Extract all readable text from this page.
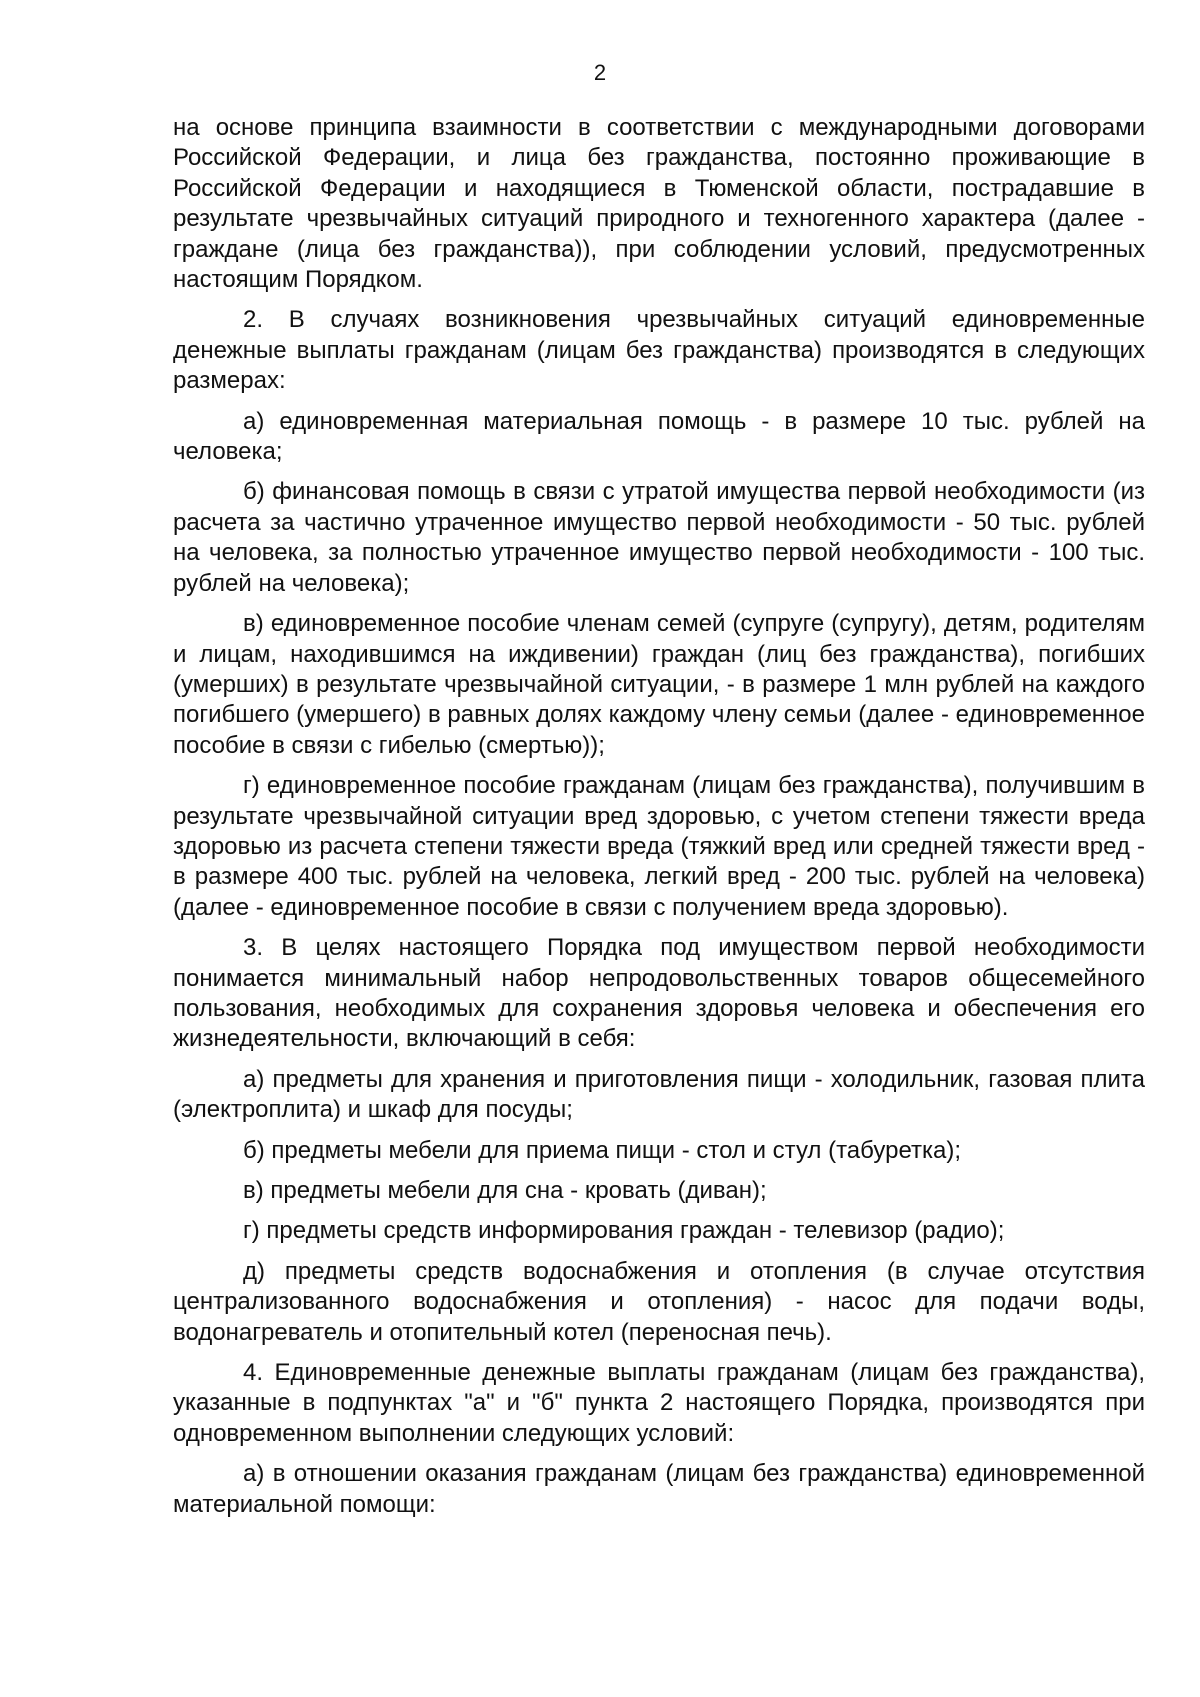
2

на основе принципа взаимности в соответствии с международными договорами Российской Федерации, и лица без гражданства, постоянно проживающие в Российской Федерации и находящиеся в Тюменской области, пострадавшие в результате чрезвычайных ситуаций природного и техногенного характера (далее - граждане (лица без гражданства)), при соблюдении условий, предусмотренных настоящим Порядком.

2. В случаях возникновения чрезвычайных ситуаций единовременные денежные выплаты гражданам (лицам без гражданства) производятся в следующих размерах:

а) единовременная материальная помощь - в размере 10 тыс. рублей на человека;

б) финансовая помощь в связи с утратой имущества первой необходимости (из расчета за частично утраченное имущество первой необходимости - 50 тыс. рублей на человека, за полностью утраченное имущество первой необходимости - 100 тыс. рублей на человека);

в) единовременное пособие членам семей (супруге (супругу), детям, родителям и лицам, находившимся на иждивении) граждан (лиц без гражданства), погибших (умерших) в результате чрезвычайной ситуации, - в размере 1 млн рублей на каждого погибшего (умершего) в равных долях каждому члену семьи (далее - единовременное пособие в связи с гибелью (смертью));

г) единовременное пособие гражданам (лицам без гражданства), получившим в результате чрезвычайной ситуации вред здоровью, с учетом степени тяжести вреда здоровью из расчета степени тяжести вреда (тяжкий вред или средней тяжести вред - в размере 400 тыс. рублей на человека, легкий вред - 200 тыс. рублей на человека) (далее - единовременное пособие в связи с получением вреда здоровью).

3. В целях настоящего Порядка под имуществом первой необходимости понимается минимальный набор непродовольственных товаров общесемейного пользования, необходимых для сохранения здоровья человека и обеспечения его жизнедеятельности, включающий в себя:

а) предметы для хранения и приготовления пищи - холодильник, газовая плита (электроплита) и шкаф для посуды;

б) предметы мебели для приема пищи - стол и стул (табуретка);

в) предметы мебели для сна - кровать (диван);

г) предметы средств информирования граждан - телевизор (радио);

д) предметы средств водоснабжения и отопления (в случае отсутствия централизованного водоснабжения и отопления) - насос для подачи воды, водонагреватель и отопительный котел (переносная печь).

4. Единовременные денежные выплаты гражданам (лицам без гражданства), указанные в подпунктах "а" и "б" пункта 2 настоящего Порядка, производятся при одновременном выполнении следующих условий:

а) в отношении оказания гражданам (лицам без гражданства) единовременной материальной помощи:
